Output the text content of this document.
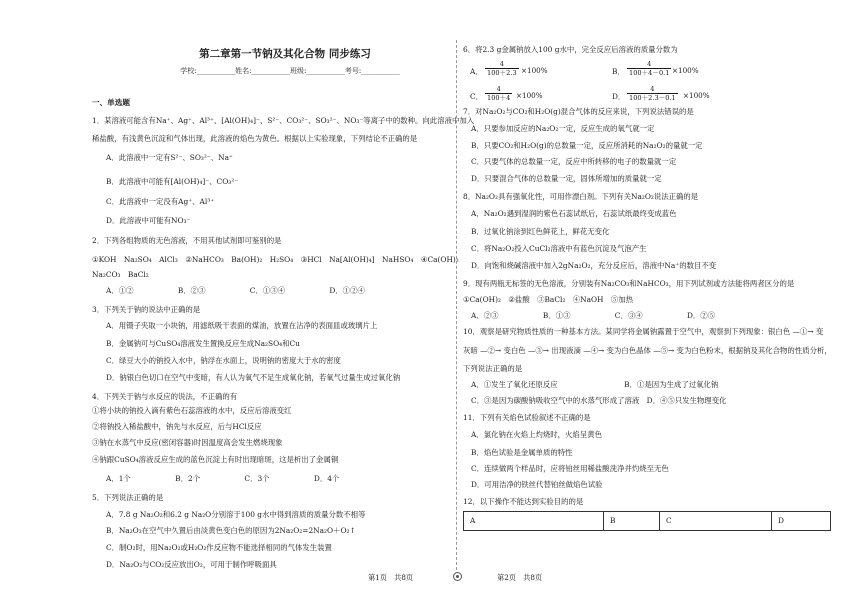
第二章第一节钠及其化合物 同步练习
学校:___________姓名:___________班级:___________考号:___________
一、单选题
1．某溶液可能含有Na⁺、Ag⁺、Al³⁺、[Al(OH)₄]⁻、S²⁻、CO₃²⁻、SO₃²⁻、NO₃⁻等离子中的数种。向此溶液中加入
稀盐酸，有浅黄色沉淀和气体出现，此溶液的焰色为黄色。根据以上实验现象，下列结论不正确的是
A．此溶液中一定有S²⁻、SO₃²⁻、Na⁺
B．此溶液中可能有[Al(OH)₄]⁻、CO₃²⁻
C．此溶液中一定没有Ag⁺、Al³⁺
D．此溶液中可能有NO₃⁻
2．下列各组物质的无色溶液，不用其他试剂即可鉴别的是
①KOH　Na₂SO₄　AlCl₃　②NaHCO₃　Ba(OH)₂　H₂SO₄　③HCl　Na[Al(OH)₄]　NaHSO₄　④Ca(OH)₂
Na₂CO₃　BaCl₂
A．①②　　　　　　B．②③　　　　　　C．①③④　　　　　　D．①②④
3．下列关于钠的说法中正确的是
A．用镊子夹取一小块钠，用滤纸吸干表面的煤油，放置在沾净的表面皿或玻璃片上
B．金属钠可与CuSO₄溶液发生置换反应生成Na₂SO₄和Cu
C．绿豆大小的钠投入水中，钠浮在水面上，说明钠的密度大于水的密度
D．钠银白色切口在空气中变暗，有人认为氧气不足生成氧化钠，若氧气过量生成过氧化钠
4．下列关于钠与水反应的说法，不正确的有
①将小块的钠投入滴有紫色石蕊溶液的水中，反应后溶液变红
②将钠投入稀盐酸中，钠先与水反应，后与HCl反应
③钠在水蒸气中反应(密闭容器)时因温度高会发生燃烧现象
④钠跟CuSO₄溶液反应生成的蓝色沉淀上有时出现暗斑，这是析出了金属铜
A．1个　　　　　　B．2个　　　　　　C．3个　　　　　　D．4个
5．下列说法正确的是
A．7.8 g Na₂O₂和6.2 g Na₂O分别溶于100 g水中得到溶质的质量分数不相等
B．Na₂O₂在空气中久置后由淡黄色变白色的原因为2Na₂O₂=2Na₂O＋O₂↑
C．制O₂时，用Na₂O₂或H₂O₂作反应物不能选择相同的气体发生装置
D．Na₂O₂与CO₂反应放出O₂，可用于制作呼吸面具
6．将2.3 g金属钠放入100 g水中，完全反应后溶液的质量分数为
A． $\frac{4}{100+2.3} \times 100\%$	B． $\frac{4}{100+4-0.1} \times 100\%$
C． $\frac{4}{100+4} \times 100\%$	D． $\frac{4}{100+2.3-0.1} \times 100\%$
7．对Na₂O₂与CO₂和H₂O(g)混合气体的反应来说，下列说法错误的是
A．只要参加反应的Na₂O₂一定，反应生成的氧气就一定
B．只要CO₂和H₂O(g)的总数量一定，反应所消耗的Na₂O₂的量就一定
C．只要气体的总数量一定，反应中所转移的电子的数量就一定
D．只要混合气体的总数量一定，固体所增加的质量就一定
8．Na₂O₂具有强氧化性，可用作漂白剂。下列有关Na₂O₂说法正确的是
A．Na₂O₂遇到湿润的紫色石蕊试纸后，石蕊试纸最终变成蓝色
B．过氧化钠涂到红色鲜花上，鲜花无变化
C．将Na₂O₂投入CuCl₂溶液中有蓝色沉淀及气泡产生
D．向饱和烧碱溶液中加入2gNa₂O₂，充分反应后，溶液中Na⁺的数目不变
9．现有两瓶无标签的无色溶液，分别装有Na₂CO₃和NaHCO₃，用下列试剂或方法能将两者区分的是
①Ca(OH)₂　②盐酸　③BaCl₂　④NaOH　⑤加热
A．②③　　　　　　B．①③　　　　　　C．③④　　　　　　D．②⑤
10．观察是研究物质性质的一种基本方法。某同学将金属钠露置于空气中，观察到下列现象：银白色 —①→ 变
灰暗 —②→ 变白色 —③→ 出现液滴 —④→ 变为白色晶体 —⑤→ 变为白色粉末，根据钠及其化合物的性质分析，
下列说法正确的是
A．①发生了氧化还原反应　　　　　　　　　B．①是因为生成了过氧化钠
C．③是因为碳酸钠吸收空气中的水蒸气形成了溶液　D．④⑤只发生物理变化
11．下列有关焰色试验叙述不正确的是
A．氯化钠在火焰上灼烧时，火焰呈黄色
B．焰色试验是金属单质的特性
C．连续做两个样品时，应将铂丝用稀盐酸洗净并灼烧至无色
D．可用洁净的铁丝代替铂丝做焰色试验
12．以下操作不能达到实验目的的是
A	B	C	D
第1页　共8页	第2页　共8页
